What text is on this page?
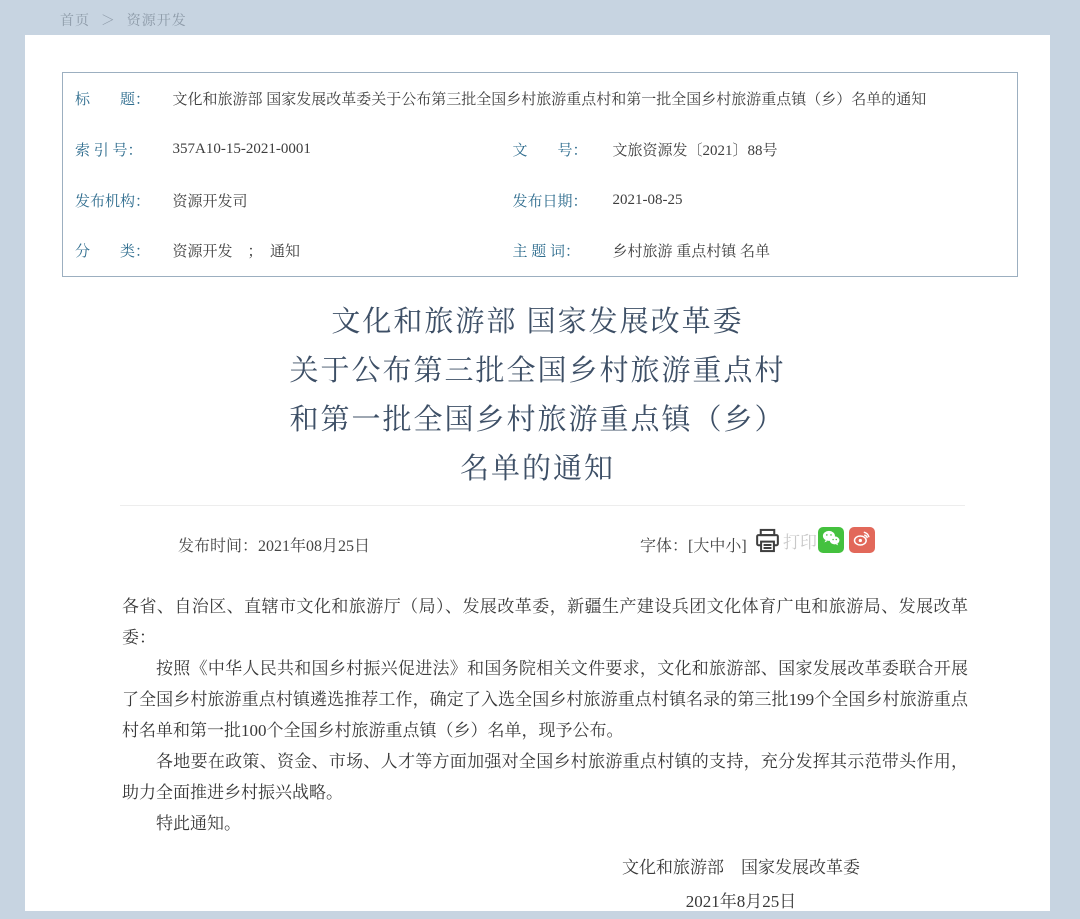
首页 ＞ 资源开发
标　　题：	文化和旅游部 国家发展改革委关于公布第三批全国乡村旅游重点村和第一批全国乡村旅游重点镇（乡）名单的通知		
索 引 号：	357A10-15-2021-0001	文　　号：	文旅资源发〔2021〕88号
发布机构：	资源开发司	发布日期：	2021-08-25
分　　类：	资源开发　；　通知	主 题 词：	乡村旅游 重点村镇 名单
文化和旅游部 国家发展改革委
关于公布第三批全国乡村旅游重点村
和第一批全国乡村旅游重点镇（乡）
名单的通知
发布时间：2021年08月25日	字体：[大中小] 打印

各省、自治区、直辖市文化和旅游厅（局）、发展改革委，新疆生产建设兵团文化体育广电和旅游局、发展改革委：

按照《中华人民共和国乡村振兴促进法》和国务院相关文件要求，文化和旅游部、国家发展改革委联合开展了全国乡村旅游重点村镇遴选推荐工作，确定了入选全国乡村旅游重点村镇名录的第三批199个全国乡村旅游重点村名单和第一批100个全国乡村旅游重点镇（乡）名单，现予公布。

各地要在政策、资金、市场、人才等方面加强对全国乡村旅游重点村镇的支持，充分发挥其示范带头作用，助力全面推进乡村振兴战略。

特此通知。

文化和旅游部　国家发展改革委
2021年8月25日
